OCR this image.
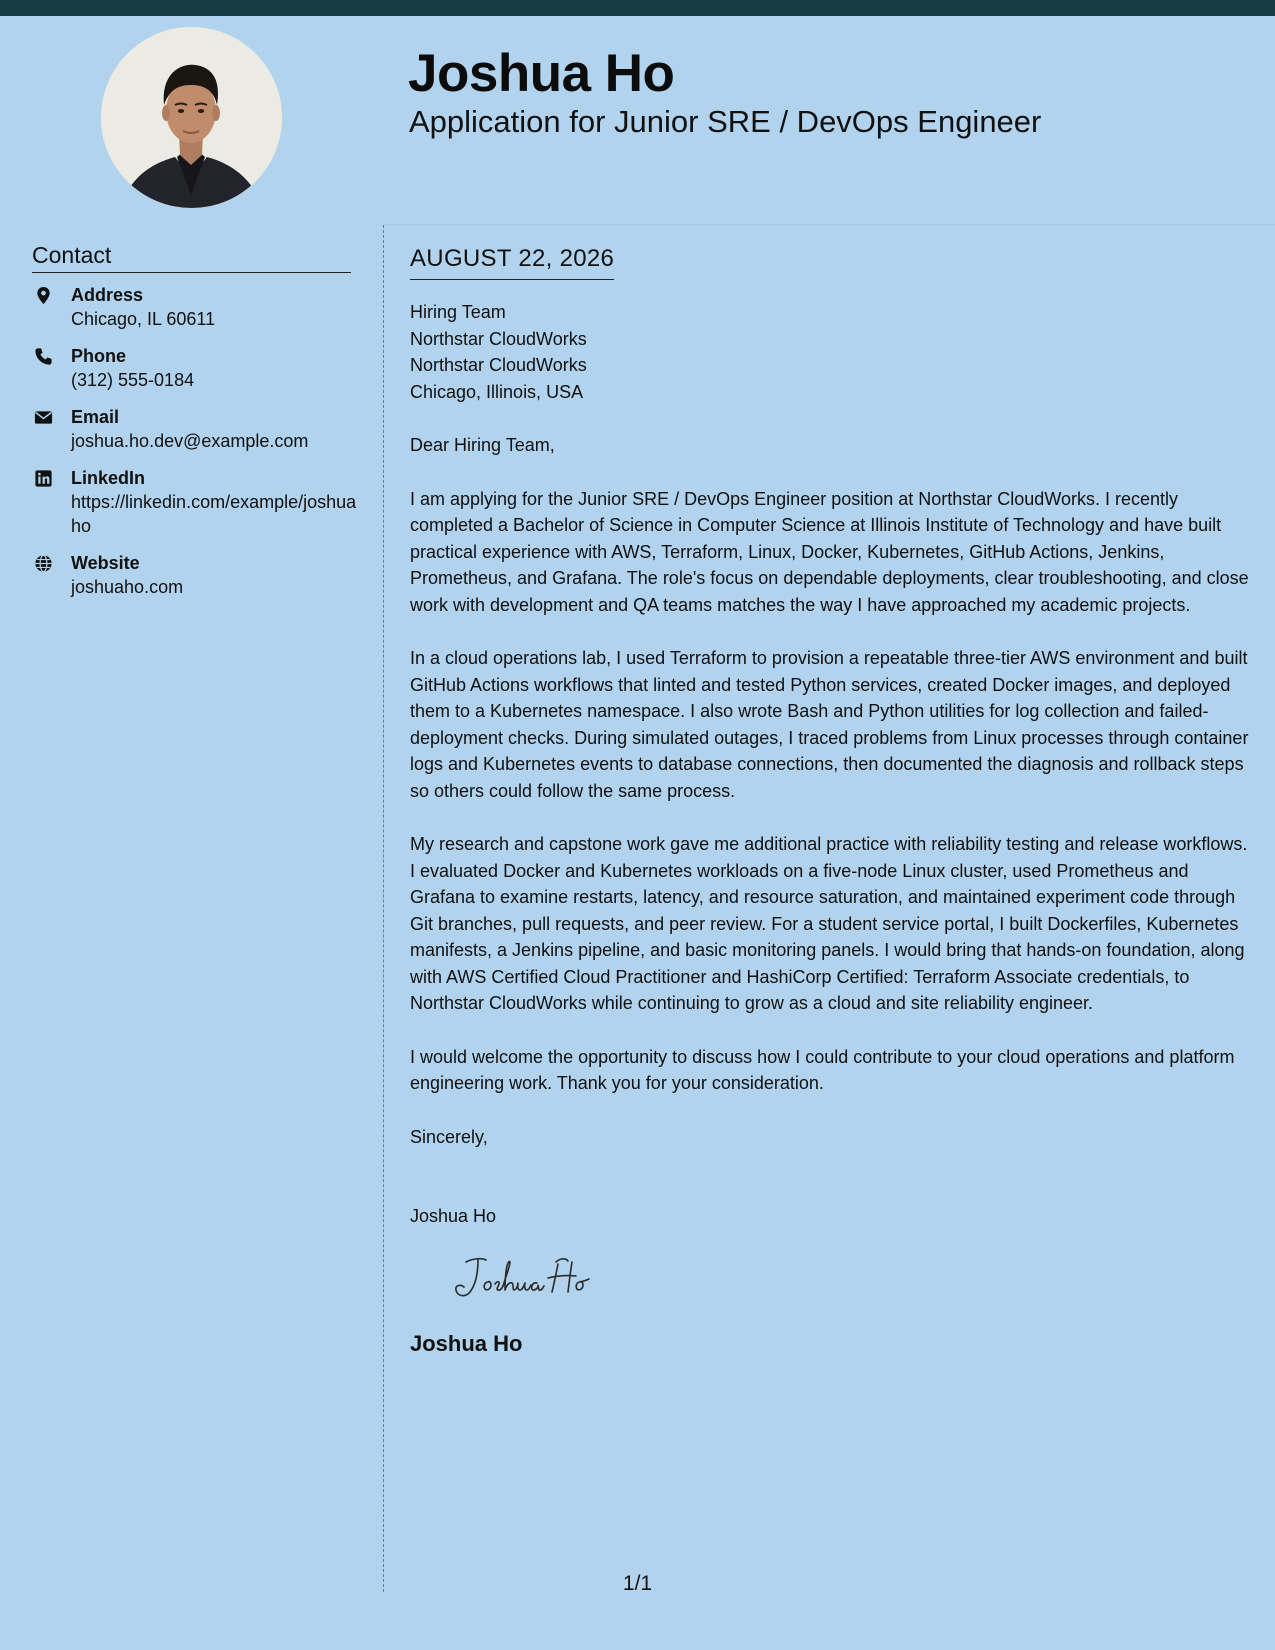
Joshua Ho
Application for Junior SRE / DevOps Engineer
Contact
Address
Chicago, IL 60611
Phone
(312) 555-0184
Email
joshua.ho.dev@example.com
LinkedIn
https://linkedin.com/example/joshuaho
Website
joshuaho.com
AUGUST 22, 2026
Hiring Team
Northstar CloudWorks
Northstar CloudWorks
Chicago, Illinois, USA
Dear Hiring Team,

I am applying for the Junior SRE / DevOps Engineer position at Northstar CloudWorks. I recently completed a Bachelor of Science in Computer Science at Illinois Institute of Technology and have built practical experience with AWS, Terraform, Linux, Docker, Kubernetes, GitHub Actions, Jenkins, Prometheus, and Grafana. The role's focus on dependable deployments, clear troubleshooting, and close work with development and QA teams matches the way I have approached my academic projects.

In a cloud operations lab, I used Terraform to provision a repeatable three-tier AWS environment and built GitHub Actions workflows that linted and tested Python services, created Docker images, and deployed them to a Kubernetes namespace. I also wrote Bash and Python utilities for log collection and failed-deployment checks. During simulated outages, I traced problems from Linux processes through container logs and Kubernetes events to database connections, then documented the diagnosis and rollback steps so others could follow the same process.

My research and capstone work gave me additional practice with reliability testing and release workflows. I evaluated Docker and Kubernetes workloads on a five-node Linux cluster, used Prometheus and Grafana to examine restarts, latency, and resource saturation, and maintained experiment code through Git branches, pull requests, and peer review. For a student service portal, I built Dockerfiles, Kubernetes manifests, a Jenkins pipeline, and basic monitoring panels. I would bring that hands-on foundation, along with AWS Certified Cloud Practitioner and HashiCorp Certified: Terraform Associate credentials, to Northstar CloudWorks while continuing to grow as a cloud and site reliability engineer.

I would welcome the opportunity to discuss how I could contribute to your cloud operations and platform engineering work. Thank you for your consideration.

Sincerely,
Joshua Ho
Joshua Ho
1/1
